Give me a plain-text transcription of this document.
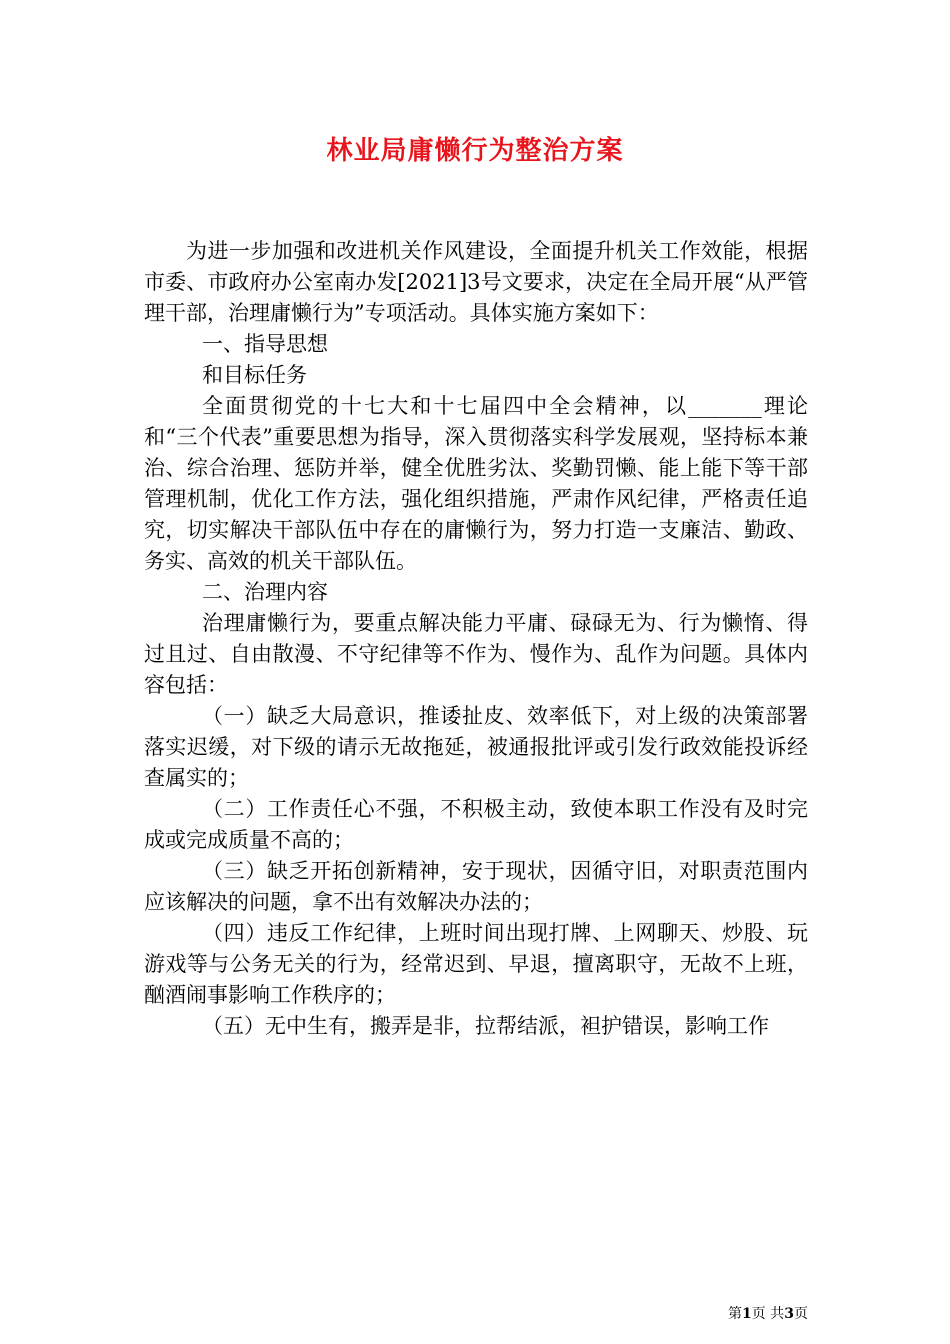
林业局庸懒行为整治方案

为进一步加强和改进机关作风建设，全面提升机关工作效能，根据市委、市政府办公室南办发[2021]3号文要求，决定在全局开展“从严管理干部，治理庸懒行为”专项活动。具体实施方案如下：

一、指导思想

和目标任务

全面贯彻党的十七大和十七届四中全会精神，以_______理论和“三个代表”重要思想为指导，深入贯彻落实科学发展观，坚持标本兼治、综合治理、惩防并举，健全优胜劣汰、奖勤罚懒、能上能下等干部管理机制，优化工作方法，强化组织措施，严肃作风纪律，严格责任追究，切实解决干部队伍中存在的庸懒行为，努力打造一支廉洁、勤政、务实、高效的机关干部队伍。

二、治理内容

治理庸懒行为，要重点解决能力平庸、碌碌无为、行为懒惰、得过且过、自由散漫、不守纪律等不作为、慢作为、乱作为问题。具体内容包括：

（一）缺乏大局意识，推诿扯皮、效率低下，对上级的决策部署落实迟缓，对下级的请示无故拖延，被通报批评或引发行政效能投诉经查属实的；

（二）工作责任心不强，不积极主动，致使本职工作没有及时完成或完成质量不高的；

（三）缺乏开拓创新精神，安于现状，因循守旧，对职责范围内应该解决的问题，拿不出有效解决办法的；

（四）违反工作纪律，上班时间出现打牌、上网聊天、炒股、玩游戏等与公务无关的行为，经常迟到、早退，擅离职守，无故不上班，酗酒闹事影响工作秩序的；

（五）无中生有，搬弄是非，拉帮结派，袒护错误，影响工作

第1页 共3页
